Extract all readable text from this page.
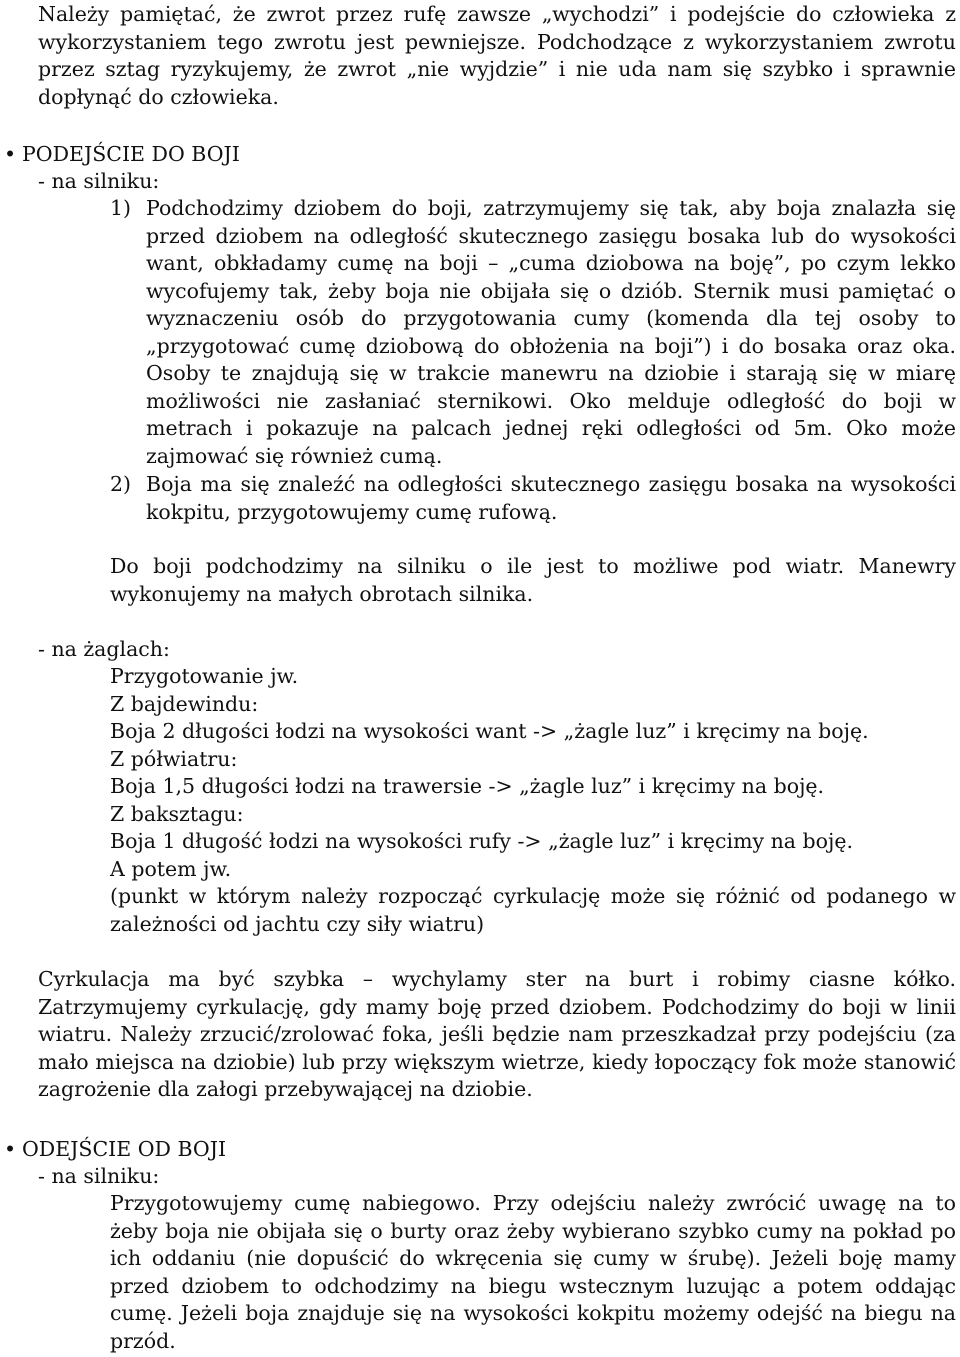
Należy pamiętać, że zwrot przez rufę zawsze „wychodzi” i podejście do człowieka z wykorzystaniem tego zwrotu jest pewniejsze. Podchodzące z wykorzystaniem zwrotu przez sztag ryzykujemy, że zwrot „nie wyjdzie” i nie uda nam się szybko i sprawnie dopłynąć do człowieka.

• PODEJŚCIE DO BOJI

- na silniku:

1) Podchodzimy dziobem do boji, zatrzymujemy się tak, aby boja znalazła się przed dziobem na odległość skutecznego zasięgu bosaka lub do wysokości want, obkładamy cumę na boji – „cuma dziobowa na boję”, po czym lekko wycofujemy tak, żeby boja nie obijała się o dziób. Sternik musi pamiętać o wyznaczeniu osób do przygotowania cumy (komenda dla tej osoby to „przygotować cumę dziobową do obłożenia na boji”) i do bosaka oraz oka. Osoby te znajdują się w trakcie manewru na dziobie i starają się w miarę możliwości nie zasłaniać sternikowi. Oko melduje odległość do boji w metrach i pokazuje na palcach jednej ręki odległości od 5m. Oko może zajmować się również cumą.

2) Boja ma się znaleźć na odległości skutecznego zasięgu bosaka na wysokości kokpitu, przygotowujemy cumę rufową.

Do boji podchodzimy na silniku o ile jest to możliwe pod wiatr. Manewry wykonujemy na małych obrotach silnika.

- na żaglach:

Przygotowanie jw.

Z bajdewindu:

Boja 2 długości łodzi na wysokości want -> „żagle luz” i kręcimy na boję.

Z półwiatru:

Boja 1,5 długości łodzi na trawersie -> „żagle luz” i kręcimy na boję.

Z baksztagu:

Boja 1 długość łodzi na wysokości rufy -> „żagle luz” i kręcimy na boję.

A potem jw.

(punkt w którym należy rozpocząć cyrkulację może się różnić od podanego w zależności od jachtu czy siły wiatru)

Cyrkulacja ma być szybka – wychylamy ster na burt i robimy ciasne kółko. Zatrzymujemy cyrkulację, gdy mamy boję przed dziobem. Podchodzimy do boji w linii wiatru. Należy zrzucić/zrolować foka, jeśli będzie nam przeszkadzał przy podejściu (za mało miejsca na dziobie) lub przy większym wietrze, kiedy łopoczący fok może stanowić zagrożenie dla załogi przebywającej na dziobie.

• ODEJŚCIE OD BOJI

- na silniku:

Przygotowujemy cumę nabiegowo. Przy odejściu należy zwrócić uwagę na to żeby boja nie obijała się o burty oraz żeby wybierano szybko cumy na pokład po ich oddaniu (nie dopuścić do wkręcenia się cumy w śrubę). Jeżeli boję mamy przed dziobem to odchodzimy na biegu wstecznym luzując a potem oddając cumę. Jeżeli boja znajduje się na wysokości kokpitu możemy odejść na biegu na przód.
